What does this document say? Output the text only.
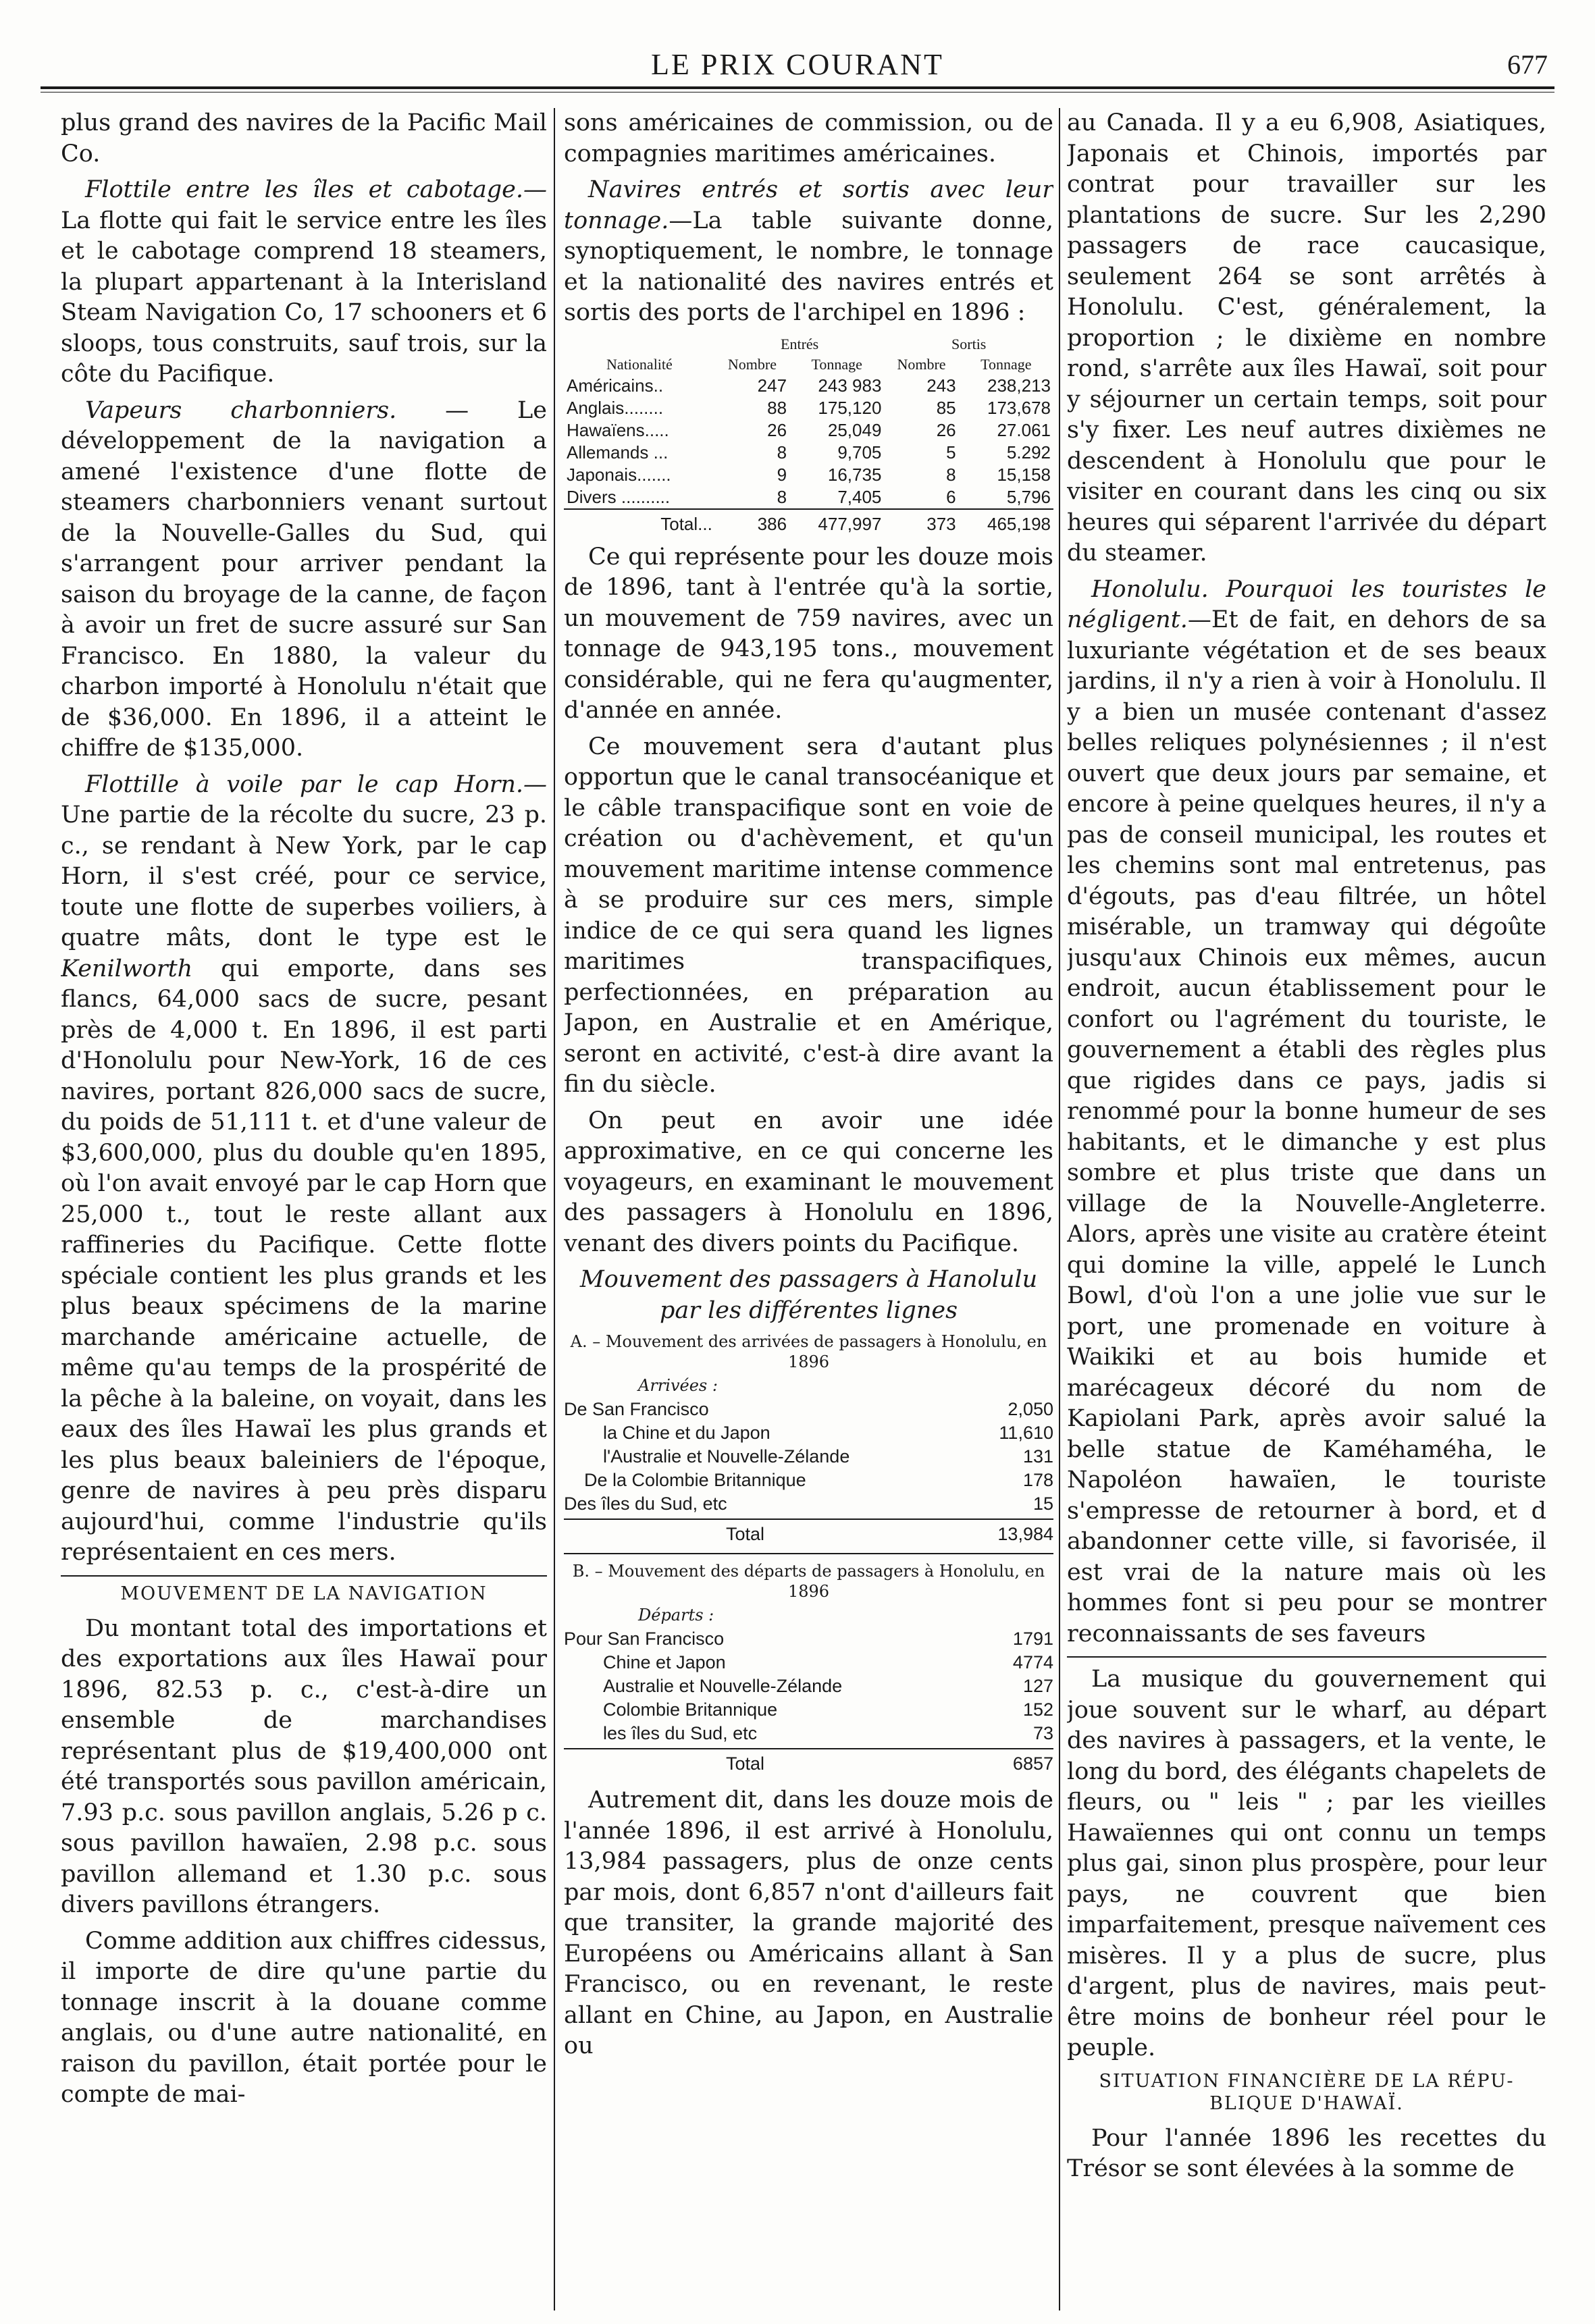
LE PRIX COURANT	677

plus grand des navires de la Pacific Mail Co.

Flottile entre les îles et cabotage.— La flotte qui fait le service entre les îles et le cabotage comprend 18 steamers, la plupart appartenant à la Interisland Steam Navigation Co, 17 schooners et 6 sloops, tous construits, sauf trois, sur la côte du Pacifique.

Vapeurs charbonniers. — Le développement de la navigation a amené l'existence d'une flotte de steamers charbonniers venant surtout de la Nouvelle-Galles du Sud, qui s'arrangent pour arriver pendant la saison du broyage de la canne, de façon à avoir un fret de sucre assuré sur San Francisco. En 1880, la valeur du charbon importé à Honolulu n'était que de $36,000. En 1896, il a atteint le chiffre de $135,000.

Flottille à voile par le cap Horn.— Une partie de la récolte du sucre, 23 p. c., se rendant à New York, par le cap Horn, il s'est créé, pour ce service, toute une flotte de superbes voiliers, à quatre mâts, dont le type est le Kenilworth qui emporte, dans ses flancs, 64,000 sacs de sucre, pesant près de 4,000 t. En 1896, il est parti d'Honolulu pour New-York, 16 de ces navires, portant 826,000 sacs de sucre, du poids de 51,111 t. et d'une valeur de $3,600,000, plus du double qu'en 1895, où l'on avait envoyé par le cap Horn que 25,000 t., tout le reste allant aux raffineries du Pacifique. Cette flotte spéciale contient les plus grands et les plus beaux spécimens de la marine marchande américaine actuelle, de même qu'au temps de la prospérité de la pêche à la baleine, on voyait, dans les eaux des îles Hawaï les plus grands et les plus beaux baleiniers de l'époque, genre de navires à peu près disparu aujourd'hui, comme l'industrie qu'ils représentaient en ces mers.

MOUVEMENT DE LA NAVIGATION

Du montant total des importations et des exportations aux îles Hawaï pour 1896, 82.53 p. c., c'est-à-dire un ensemble de marchandises représentant plus de $19,400,000 ont été transportés sous pavillon américain, 7.93 p.c. sous pavillon anglais, 5.26 p c. sous pavillon hawaïen, 2.98 p.c. sous pavillon allemand et 1.30 p.c. sous divers pavillons étrangers.

Comme addition aux chiffres cidessus, il importe de dire qu'une partie du tonnage inscrit à la douane comme anglais, ou d'une autre nationalité, en raison du pavillon, était portée pour le compte de mai-

sons américaines de commission, ou de compagnies maritimes américaines.

Navires entrés et sortis avec leur tonnage.—La table suivante donne, synoptiquement, le nombre, le tonnage et la nationalité des navires entrés et sortis des ports de l'archipel en 1896 :

	Entrés		Sortis	
Nationalité	Nombre	Tonnage	Nombre	Tonnage
Américains..	247	243 983	243	238,213
Anglais........	88	175,120	85	173,678
Hawaïens.....	26	25,049	26	27.061
Allemands ...	8	9,705	5	5.292
Japonais.......	9	16,735	8	15,158
Divers ..........	8	7,405	6	5,796
Total...	386	477,997	373	465,198

Ce qui représente pour les douze mois de 1896, tant à l'entrée qu'à la sortie, un mouvement de 759 navires, avec un tonnage de 943,195 tons., mouvement considérable, qui ne fera qu'augmenter, d'année en année.

Ce mouvement sera d'autant plus opportun que le canal transocéanique et le câble transpacifique sont en voie de création ou d'achèvement, et qu'un mouvement maritime intense commence à se produire sur ces mers, simple indice de ce qui sera quand les lignes maritimes transpacifiques, perfectionnées, en préparation au Japon, en Australie et en Amérique, seront en activité, c'est-à dire avant la fin du siècle.

On peut en avoir une idée approximative, en ce qui concerne les voyageurs, en examinant le mouvement des passagers à Honolulu en 1896, venant des divers points du Pacifique.

Mouvement des passagers à Hanolulu par les différentes lignes

A. – Mouvement des arrivées de passagers à Honolulu, en 1896
Arrivées :
De San Francisco	2,050
la Chine et du Japon	11,610
l'Australie et Nouvelle-Zélande	131
De la Colombie Britannique	178
Des îles du Sud, etc	15
Total	13,984
B. – Mouvement des départs de passagers à Honolulu, en 1896
Départs :
Pour San Francisco	1791
Chine et Japon	4774
Australie et Nouvelle-Zélande	127
Colombie Britannique	152
les îles du Sud, etc	73
Total	6857

Autrement dit, dans les douze mois de l'année 1896, il est arrivé à Honolulu, 13,984 passagers, plus de onze cents par mois, dont 6,857 n'ont d'ailleurs fait que transiter, la grande majorité des Européens ou Américains allant à San Francisco, ou en revenant, le reste allant en Chine, au Japon, en Australie ou

au Canada. Il y a eu 6,908, Asiatiques, Japonais et Chinois, importés par contrat pour travailler sur les plantations de sucre. Sur les 2,290 passagers de race caucasique, seulement 264 se sont arrêtés à Honolulu. C'est, généralement, la proportion ; le dixième en nombre rond, s'arrête aux îles Hawaï, soit pour y séjourner un certain temps, soit pour s'y fixer. Les neuf autres dixièmes ne descendent à Honolulu que pour le visiter en courant dans les cinq ou six heures qui séparent l'arrivée du départ du steamer.

Honolulu. Pourquoi les touristes le négligent.—Et de fait, en dehors de sa luxuriante végétation et de ses beaux jardins, il n'y a rien à voir à Honolulu. Il y a bien un musée contenant d'assez belles reliques polynésiennes ; il n'est ouvert que deux jours par semaine, et encore à peine quelques heures, il n'y a pas de conseil municipal, les routes et les chemins sont mal entretenus, pas d'égouts, pas d'eau filtrée, un hôtel misérable, un tramway qui dégoûte jusqu'aux Chinois eux mêmes, aucun endroit, aucun établissement pour le confort ou l'agrément du touriste, le gouvernement a établi des règles plus que rigides dans ce pays, jadis si renommé pour la bonne humeur de ses habitants, et le dimanche y est plus sombre et plus triste que dans un village de la Nouvelle-Angleterre. Alors, après une visite au cratère éteint qui domine la ville, appelé le Lunch Bowl, d'où l'on a une jolie vue sur le port, une promenade en voiture à Waikiki et au bois humide et marécageux décoré du nom de Kapiolani Park, après avoir salué la belle statue de Kaméhaméha, le Napoléon hawaïen, le touriste s'empresse de retourner à bord, et d abandonner cette ville, si favorisée, il est vrai de la nature mais où les hommes font si peu pour se montrer reconnaissants de ses faveurs

La musique du gouvernement qui joue souvent sur le wharf, au départ des navires à passagers, et la vente, le long du bord, des élégants chapelets de fleurs, ou " leis " ; par les vieilles Hawaïennes qui ont connu un temps plus gai, sinon plus prospère, pour leur pays, ne couvrent que bien imparfaitement, presque naïvement ces misères. Il y a plus de sucre, plus d'argent, plus de navires, mais peut-être moins de bonheur réel pour le peuple.

SITUATION FINANCIÈRE DE LA RÉPU-
BLIQUE D'HAWAÏ.

Pour l'année 1896 les recettes du Trésor se sont élevées à la somme de
